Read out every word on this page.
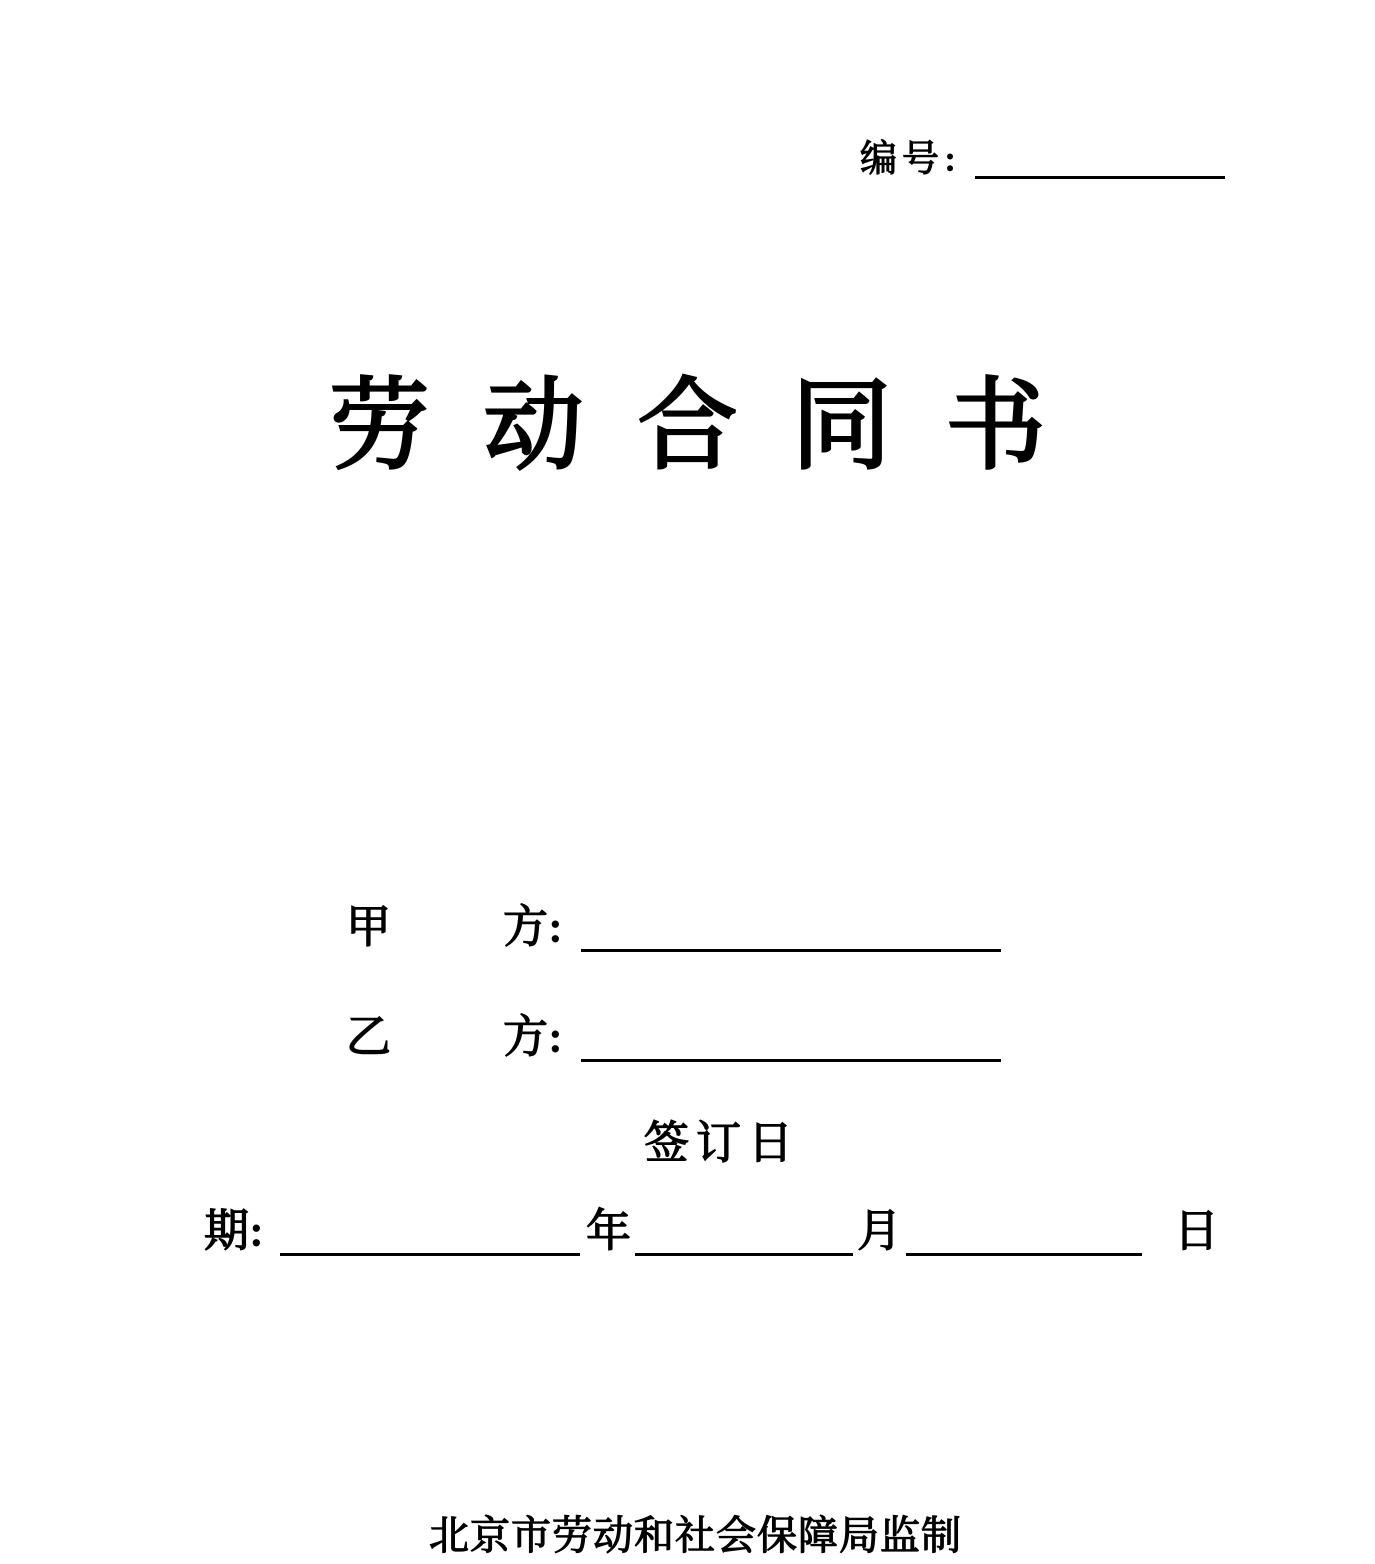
编号:
劳动合同书
甲 方:
乙 方:
签订日
期:	年	月	日
北京市劳动和社会保障局监制
